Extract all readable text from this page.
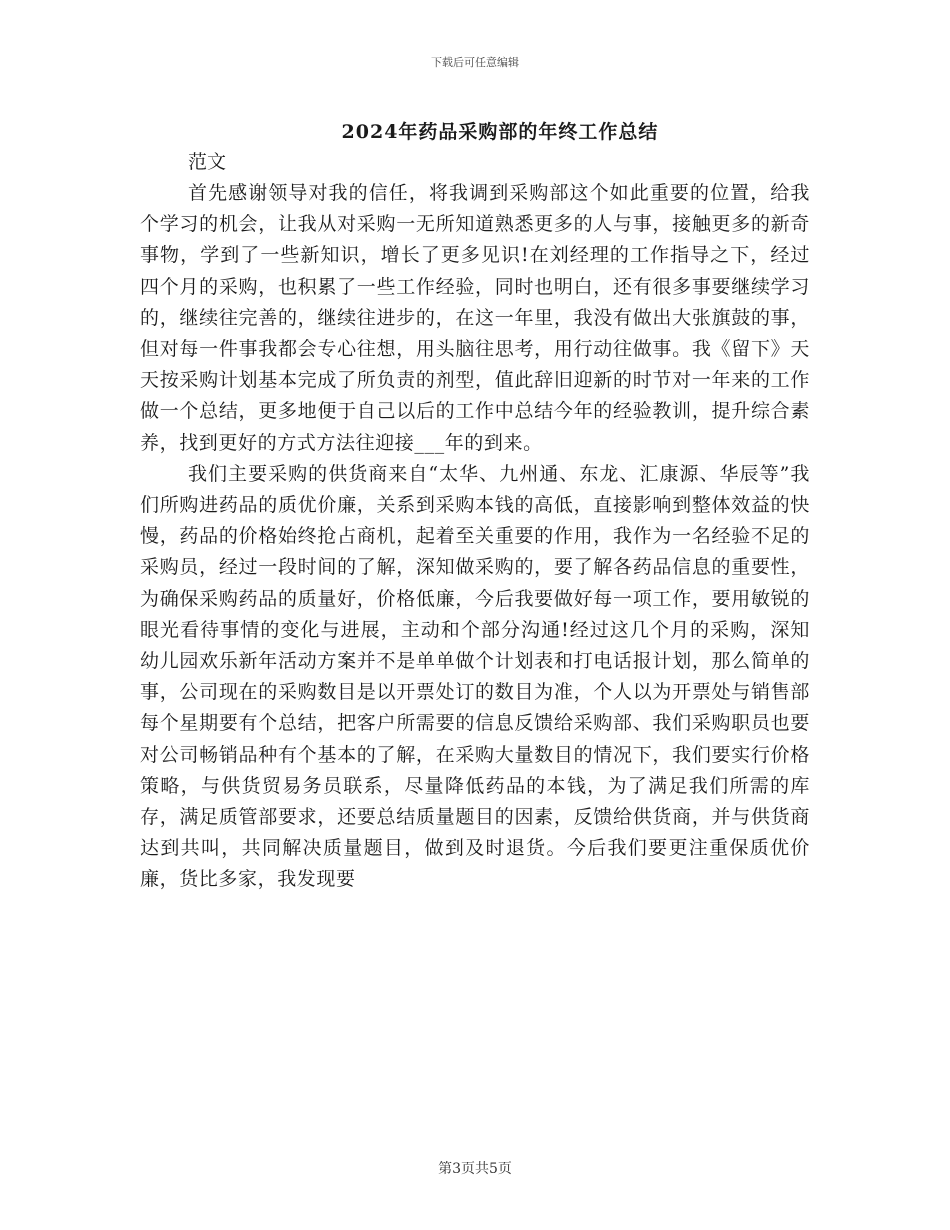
下载后可任意编辑
2024年药品采购部的年终工作总结

范文

首先感谢领导对我的信任，将我调到采购部这个如此重要的位置，给我个学习的机会，让我从对采购一无所知道熟悉更多的人与事，接触更多的新奇事物，学到了一些新知识，增长了更多见识!在刘经理的工作指导之下，经过四个月的采购，也积累了一些工作经验，同时也明白，还有很多事要继续学习的，继续往完善的，继续往进步的，在这一年里，我没有做出大张旗鼓的事，但对每一件事我都会专心往想，用头脑往思考，用行动往做事。我《留下》天天按采购计划基本完成了所负责的剂型，值此辞旧迎新的时节对一年来的工作做一个总结，更多地便于自己以后的工作中总结今年的经验教训，提升综合素养，找到更好的方式方法往迎接___年的到来。

我们主要采购的供货商来自“太华、九州通、东龙、汇康源、华辰等”我们所购进药品的质优价廉，关系到采购本钱的高低，直接影响到整体效益的快慢，药品的价格始终抢占商机，起着至关重要的作用，我作为一名经验不足的采购员，经过一段时间的了解，深知做采购的，要了解各药品信息的重要性，为确保采购药品的质量好，价格低廉，今后我要做好每一项工作，要用敏锐的眼光看待事情的变化与进展，主动和个部分沟通!经过这几个月的采购，深知幼儿园欢乐新年活动方案并不是单单做个计划表和打电话报计划，那么简单的事，公司现在的采购数目是以开票处订的数目为准，个人以为开票处与销售部每个星期要有个总结，把客户所需要的信息反馈给采购部、我们采购职员也要对公司畅销品种有个基本的了解，在采购大量数目的情况下，我们要实行价格策略，与供货贸易务员联系，尽量降低药品的本钱，为了满足我们所需的库存，满足质管部要求，还要总结质量题目的因素，反馈给供货商，并与供货商达到共叫，共同解决质量题目，做到及时退货。今后我们要更注重保质优价廉，货比多家，我发现要

第3页共5页
